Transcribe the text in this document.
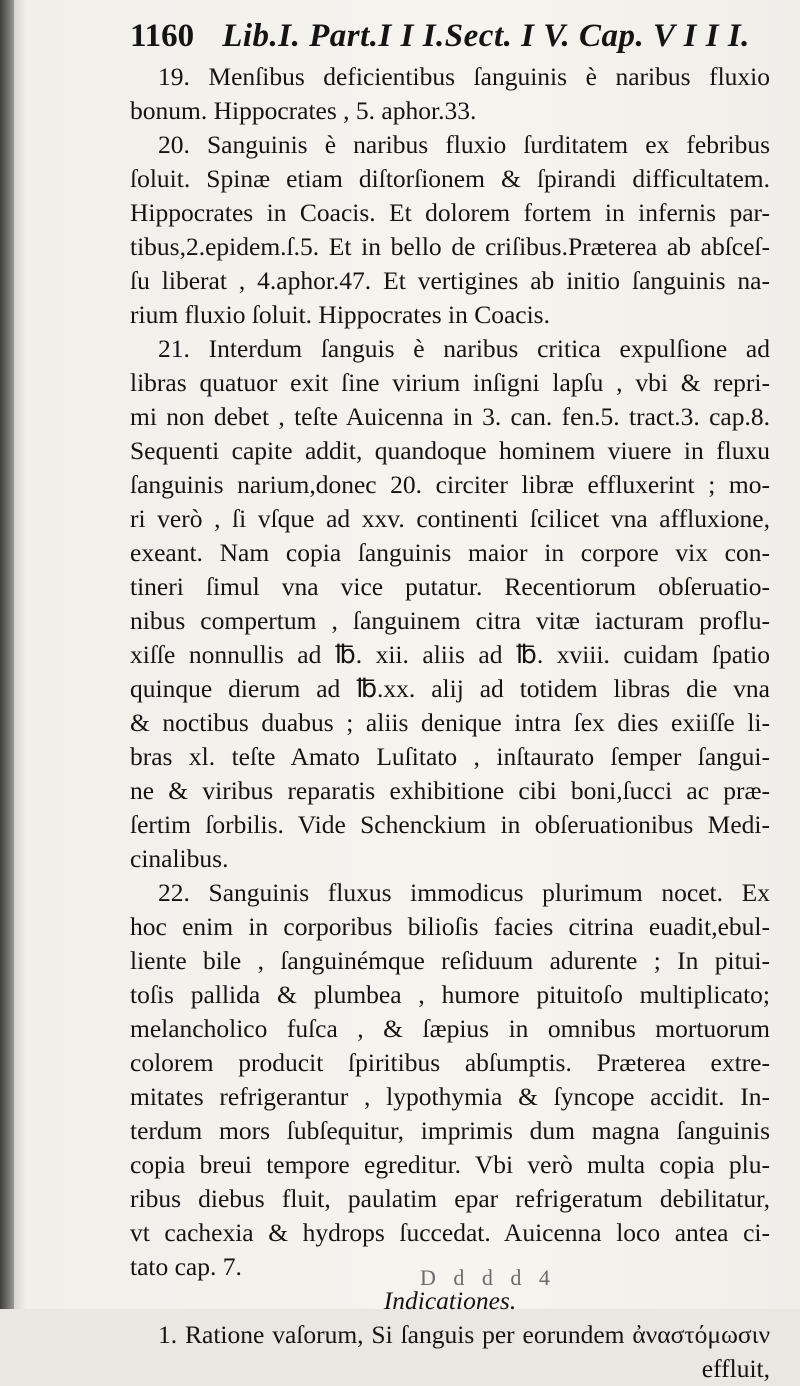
1160 Lib.I. Part.I I I.Sect. I V. Cap. V I I I.
19. Menſibus deficientibus ſanguinis è naribus fluxio
bonum. Hippocrates , 5. aphor.33.
20. Sanguinis è naribus fluxio ſurditatem ex febribus
ſoluit. Spinæ etiam diſtorſionem & ſpirandi difficultatem.
Hippocrates in Coacis. Et dolorem fortem in infernis par-
tibus,2.epidem.ſ.5. Et in bello de criſibus.Præterea ab abſceſ-
ſu liberat , 4.aphor.47. Et vertigines ab initio ſanguinis na-
rium fluxio ſoluit. Hippocrates in Coacis.
21. Interdum ſanguis è naribus critica expulſione ad
libras quatuor exit ſine virium inſigni lapſu , vbi & repri-
mi non debet , teſte Auicenna in 3. can. fen.5. tract.3. cap.8.
Sequenti capite addit, quandoque hominem viuere in fluxu
ſanguinis narium,donec 20. circiter libræ effluxerint ; mo-
ri verò , ſi vſque ad xxv. continenti ſcilicet vna affluxione,
exeant. Nam copia ſanguinis maior in corpore vix con-
tineri ſimul vna vice putatur. Recentiorum obſeruatio-
nibus compertum , ſanguinem citra vitæ iacturam proflu-
xiſſe nonnullis ad ℔. xii. aliis ad ℔. xviii. cuidam ſpatio
quinque dierum ad ℔.xx. alij ad totidem libras die vna
& noctibus duabus ; aliis denique intra ſex dies exiiſſe li-
bras xl. teſte Amato Luſitato , inſtaurato ſemper ſangui-
ne & viribus reparatis exhibitione cibi boni,ſucci ac præ-
ſertim ſorbilis. Vide Schenckium in obſeruationibus Medi-
cinalibus.
22. Sanguinis fluxus immodicus plurimum nocet. Ex
hoc enim in corporibus bilioſis facies citrina euadit,ebul-
liente bile , ſanguinémque reſiduum adurente ; In pitui-
toſis pallida & plumbea , humore pituitoſo multiplicato;
melancholico fuſca , & ſæpius in omnibus mortuorum
colorem producit ſpiritibus abſumptis. Præterea extre-
mitates refrigerantur , lypothymia & ſyncope accidit. In-
terdum mors ſubſequitur, imprimis dum magna ſanguinis
copia breui tempore egreditur. Vbi verò multa copia plu-
ribus diebus fluit, paulatim epar refrigeratum debilitatur,
vt cachexia & hydrops ſuccedat. Auicenna loco antea ci-
tato cap. 7.
Indicationes.
1. Ratione vaſorum, Si ſanguis per eorundem ἀναστόμωσιν
effluit,
D d d d 4
